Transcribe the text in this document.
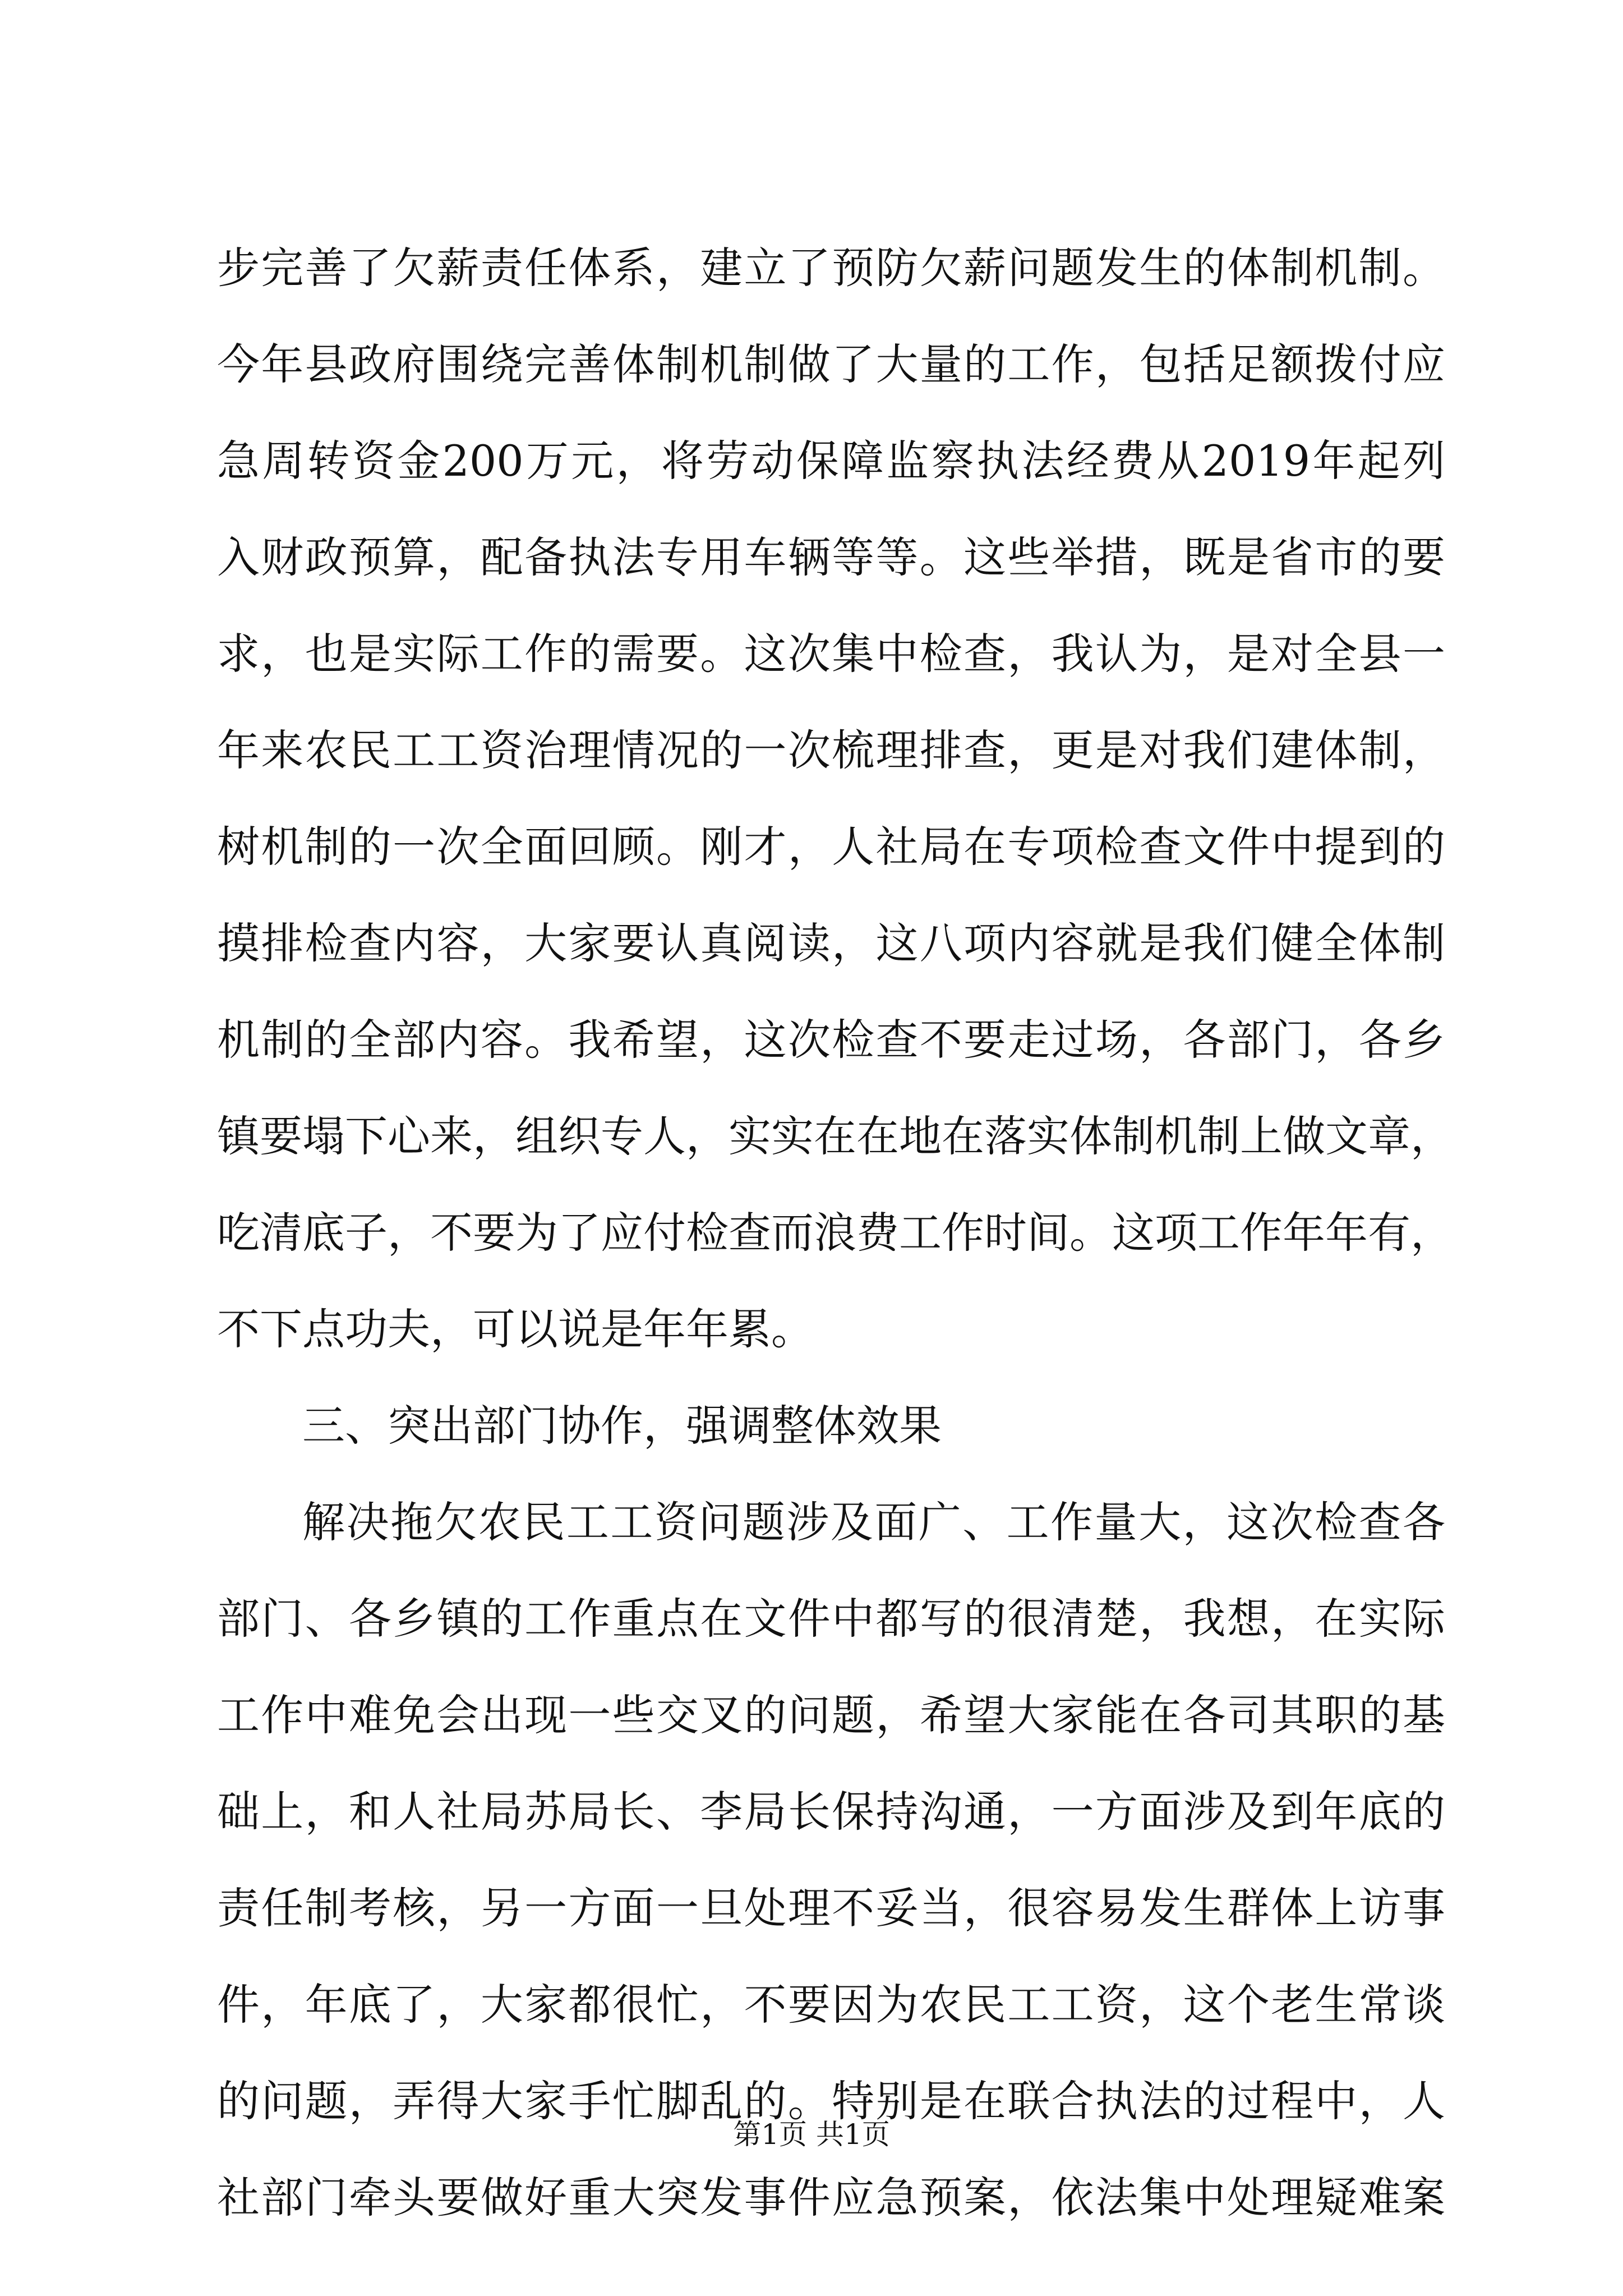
步完善了欠薪责任体系，建立了预防欠薪问题发生的体制机制。
今年县政府围绕完善体制机制做了大量的工作，包括足额拨付应
急周转资金200万元，将劳动保障监察执法经费从2019年起列
入财政预算，配备执法专用车辆等等。这些举措，既是省市的要
求，也是实际工作的需要。这次集中检查，我认为，是对全县一
年来农民工工资治理情况的一次梳理排查，更是对我们建体制，
树机制的一次全面回顾。刚才，人社局在专项检查文件中提到的
摸排检查内容，大家要认真阅读，这八项内容就是我们健全体制
机制的全部内容。我希望，这次检查不要走过场，各部门，各乡
镇要塌下心来，组织专人，实实在在地在落实体制机制上做文章，
吃清底子，不要为了应付检查而浪费工作时间。这项工作年年有，
不下点功夫，可以说是年年累。
三、突出部门协作，强调整体效果
解决拖欠农民工工资问题涉及面广、工作量大，这次检查各
部门、各乡镇的工作重点在文件中都写的很清楚，我想，在实际
工作中难免会出现一些交叉的问题，希望大家能在各司其职的基
础上，和人社局苏局长、李局长保持沟通，一方面涉及到年底的
责任制考核，另一方面一旦处理不妥当，很容易发生群体上访事
件，年底了，大家都很忙，不要因为农民工工资，这个老生常谈
的问题，弄得大家手忙脚乱的。特别是在联合执法的过程中，人
社部门牵头要做好重大突发事件应急预案，依法集中处理疑难案
第1页 共1页
